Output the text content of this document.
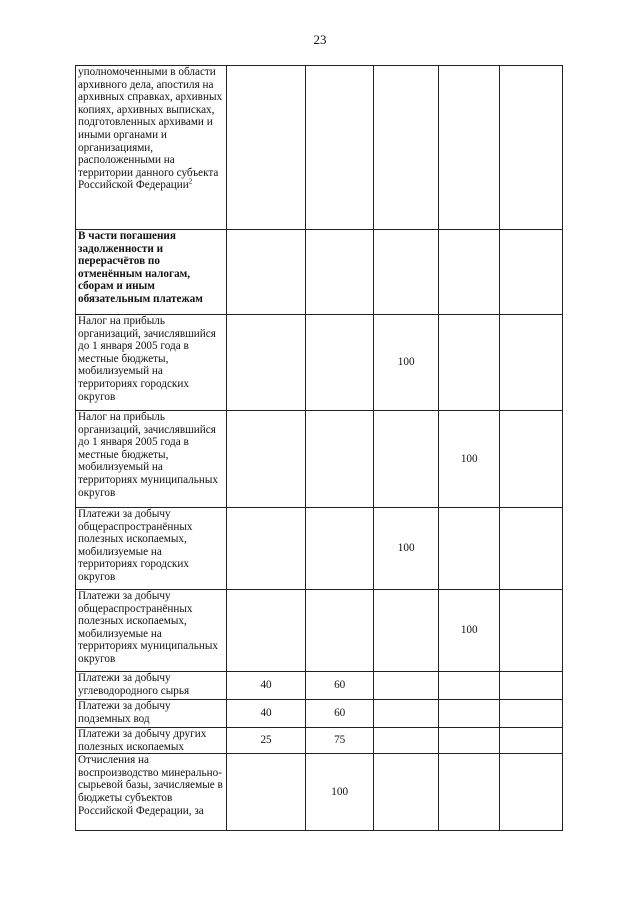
23
уполномоченными в области архивного дела, апостиля на архивных справках, архивных копиях, архивных выписках, подготовленных архивами и иными органами и организациями, расположенными на территории данного субъекта Российской Федерации$^2$					
В части погашения задолженности и перерасчётов по отменённым налогам, сборам и иным обязательным платежам					
Налог на прибыль организаций, зачислявшийся до 1 января 2005 года в местные бюджеты, мобилизуемый на территориях городских округов			100		
Налог на прибыль организаций, зачислявшийся до 1 января 2005 года в местные бюджеты, мобилизуемый на территориях муниципальных округов				100	
Платежи за добычу общераспространённых полезных ископаемых, мобилизуемые на территориях городских округов			100		
Платежи за добычу общераспространённых полезных ископаемых, мобилизуемые на территориях муниципальных округов				100	
Платежи за добычу углеводородного сырья	40	60			
Платежи за добычу подземных вод	40	60			
Платежи за добычу других полезных ископаемых	25	75			
Отчисления на воспроизводство минерально-сырьевой базы, зачисляемые в бюджеты субъектов Российской Федерации, за		100			
